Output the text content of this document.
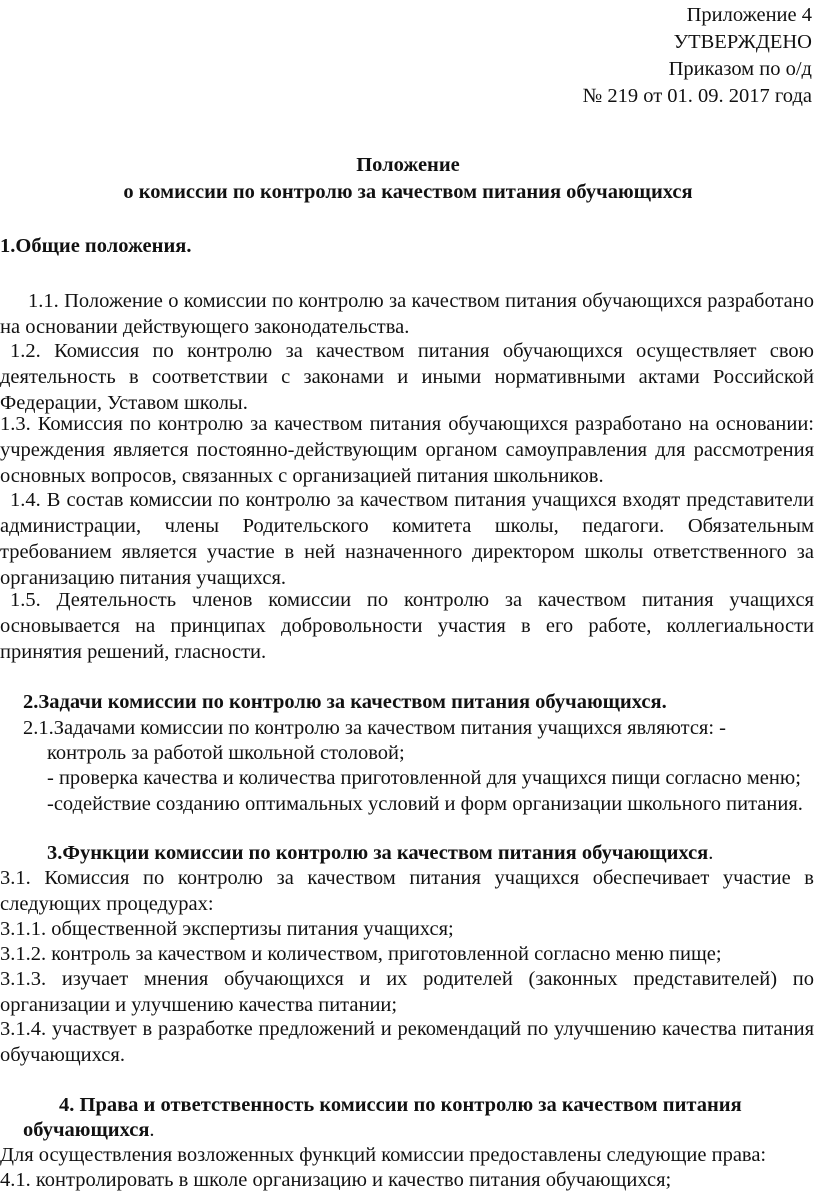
Приложение 4
УТВЕРЖДЕНО
Приказом по о/д
№ 219 от 01. 09. 2017 года
Положение
о комиссии по контролю за качеством питания обучающихся
1.Общие положения.
1.1. Положение о комиссии по контролю за качеством питания обучающихся разработано на основании действующего законодательства.
1.2. Комиссия по контролю за качеством питания обучающихся осуществляет свою деятельность в соответствии с законами и иными нормативными актами Российской Федерации, Уставом школы.
1.3. Комиссия по контролю за качеством питания обучающихся разработано на основании: учреждения является постоянно-действующим органом самоуправления для рассмотрения основных вопросов, связанных с организацией питания школьников.
1.4. В состав комиссии по контролю за качеством питания учащихся входят представители администрации, члены Родительского комитета школы, педагоги. Обязательным требованием является участие в ней назначенного директором школы ответственного за организацию питания учащихся.
1.5. Деятельность членов комиссии по контролю за качеством питания учащихся основывается на принципах добровольности участия в его работе, коллегиальности принятия решений, гласности.
2.Задачи комиссии по контролю за качеством питания обучающихся.
2.1.Задачами комиссии по контролю за качеством питания учащихся являются: -
контроль за работой школьной столовой;
- проверка качества и количества приготовленной для учащихся пищи согласно меню;
-содействие созданию оптимальных условий и форм организации школьного питания.
3.Функции комиссии по контролю за качеством питания обучающихся.
3.1. Комиссия по контролю за качеством питания учащихся обеспечивает участие в следующих процедурах:
3.1.1. общественной экспертизы питания учащихся;
3.1.2. контроль за качеством и количеством, приготовленной согласно меню пище;
3.1.3. изучает мнения обучающихся и их родителей (законных представителей) по организации и улучшению качества питании;
3.1.4. участвует в разработке предложений и рекомендаций по улучшению качества питания обучающихся.
4. Права и ответственность комиссии по контролю за качеством питания
обучающихся.
Для осуществления возложенных функций комиссии предоставлены следующие права:
4.1. контролировать в школе организацию и качество питания обучающихся;
